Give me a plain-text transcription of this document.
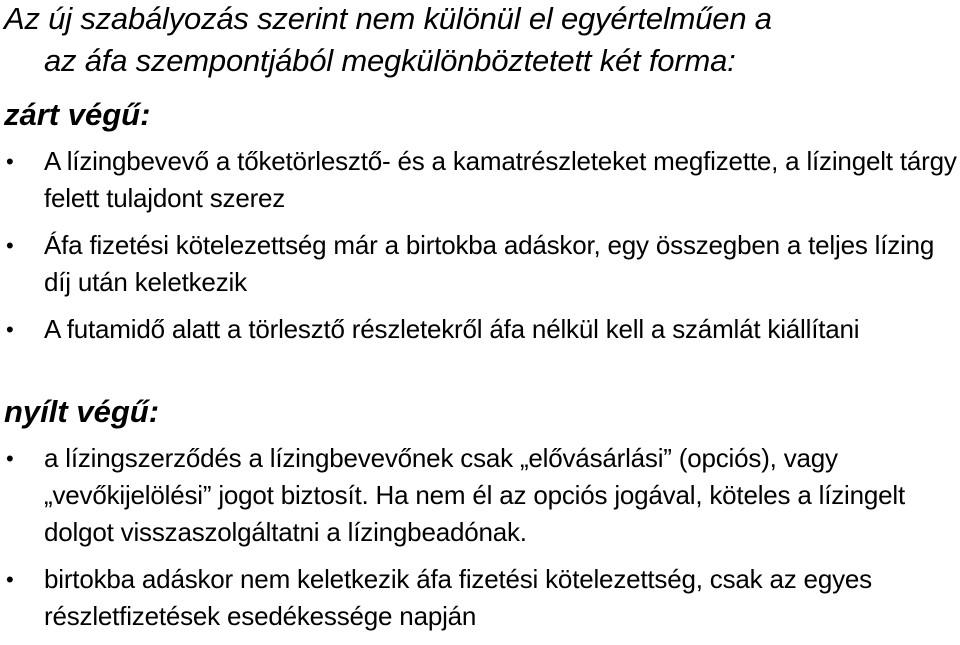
Az új szabályozás szerint nem különül el egyértelműen a
az áfa szempontjából megkülönböztetett két forma:
zárt végű:
• A lízingbevevő a tőketörlesztő- és a kamatrészleteket megfizette, a lízingelt tárgy felett tulajdont szerez
• Áfa fizetési kötelezettség már a birtokba adáskor, egy összegben a teljes lízing díj után keletkezik
• A futamidő alatt a törlesztő részletekről áfa nélkül kell a számlát kiállítani
nyílt végű:
• a lízingszerződés a lízingbevevőnek csak „elővásárlási” (opciós), vagy „vevőkijelölési” jogot biztosít. Ha nem él az opciós jogával, köteles a lízingelt dolgot visszaszolgáltatni a lízingbeadónak.
• birtokba adáskor nem keletkezik áfa fizetési kötelezettség, csak az egyes részletfizetések esedékessége napján
